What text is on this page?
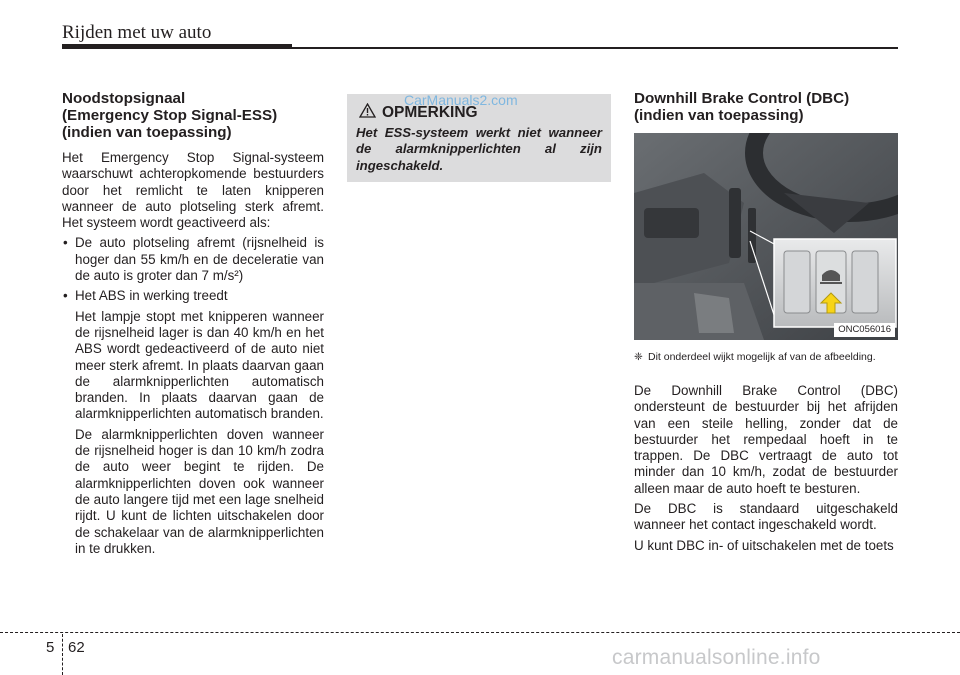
Rijden met uw auto
Noodstopsignaal
(Emergency Stop Signal-ESS)
(indien van toepassing)

Het Emergency Stop Signal-systeem waarschuwt achteropkomende bestuurders door het remlicht te laten knipperen wanneer de auto plotseling sterk afremt. Het systeem wordt geactiveerd als:

• De auto plotseling afremt (rijsnelheid is hoger dan 55 km/h en de deceleratie van de auto is groter dan 7 m/s²)
• Het ABS in werking treedt

Het lampje stopt met knipperen wanneer de rijsnelheid lager is dan 40 km/h en het ABS wordt gedeactiveerd of de auto niet meer sterk afremt. In plaats daarvan gaan de alarmknipperlichten automatisch branden. In plaats daarvan gaan de alarmknipperlichten automatisch branden.

De alarmknipperlichten doven wanneer de rijsnelheid hoger is dan 10 km/h zodra de auto weer begint te rijden. De alarmknipperlichten doven ook wanneer de auto langere tijd met een lage snelheid rijdt. U kunt de lichten uitschakelen door de schakelaar van de alarmknipperlichten in te drukken.

OPMERKING
Het ESS-systeem werkt niet wanneer de alarmknipperlichten al zijn ingeschakeld.
CarManuals2.com	Downhill Brake Control (DBC)
(indien van toepassing)
ONC056016
❈ Dit onderdeel wijkt mogelijk af van de afbeelding.

De Downhill Brake Control (DBC) ondersteunt de bestuurder bij het afrijden van een steile helling, zonder dat de bestuurder het rempedaal hoeft in te trappen. De DBC vertraagt de auto tot minder dan 10 km/h, zodat de bestuurder alleen maar de auto hoeft te besturen.

De DBC is standaard uitgeschakeld wanneer het contact ingeschakeld wordt.

U kunt DBC in- of uitschakelen met de toets

5 62	carmanualsonline.info
